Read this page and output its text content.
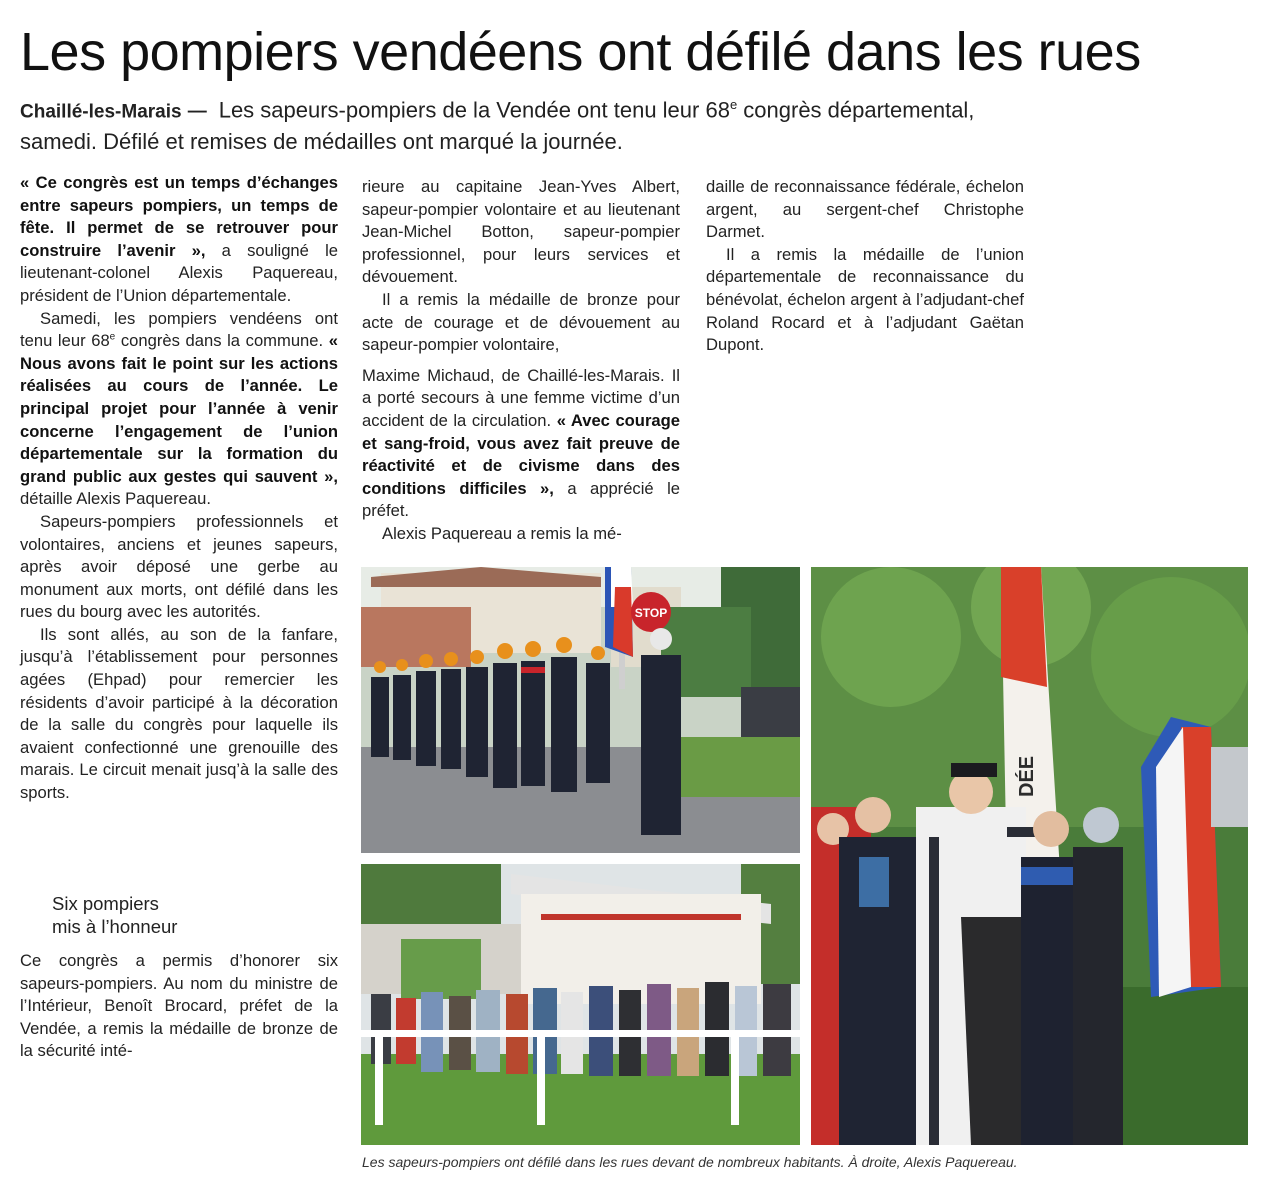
Les pompiers vendéens ont défilé dans les rues
Chaillé-les-Marais — Les sapeurs-pompiers de la Vendée ont tenu leur 68e congrès départemental, samedi. Défilé et remises de médailles ont marqué la journée.

« Ce congrès est un temps d’échanges entre sapeurs pompiers, un temps de fête. Il permet de se retrouver pour construire l’avenir », a souligné le lieutenant-colonel Alexis Paquereau, président de l’Union départementale.

Samedi, les pompiers vendéens ont tenu leur 68e congrès dans la commune. « Nous avons fait le point sur les actions réalisées au cours de l’année. Le principal projet pour l’année à venir concerne l’engagement de l’union départementale sur la formation du grand public aux gestes qui sauvent », détaille Alexis Paquereau.

Sapeurs-pompiers professionnels et volontaires, anciens et jeunes sapeurs, après avoir déposé une gerbe au monument aux morts, ont défilé dans les rues du bourg avec les autorités.

Ils sont allés, au son de la fanfare, jusqu’à l’établissement pour personnes agées (Ehpad) pour remercier les résidents d’avoir participé à la décoration de la salle du congrès pour laquelle ils avaient confectionné une grenouille des marais. Le circuit menait jusq’à la salle des sports.

Six pompiers
mis à l’honneur

Ce congrès a permis d’honorer six sapeurs-pompiers. Au nom du ministre de l’Intérieur, Benoît Brocard, préfet de la Vendée, a remis la médaille de bronze de la sécurité inté-

rieure au capitaine Jean-Yves Albert, sapeur-pompier volontaire et au lieutenant Jean-Michel Botton, sapeur-pompier professionnel, pour leurs services et dévouement.

Il a remis la médaille de bronze pour acte de courage et de dévouement au sapeur-pompier volontaire,

Maxime Michaud, de Chaillé-les-Marais. Il a porté secours à une femme victime d’un accident de la circulation. « Avec courage et sang-froid, vous avez fait preuve de réactivité et de civisme dans des conditions difficiles », a apprécié le préfet.

Alexis Paquereau a remis la mé-

daille de reconnaissance fédérale, échelon argent, au sergent-chef Christophe Darmet.

Il a remis la médaille de l’union départementale de reconnaissance du bénévolat, échelon argent à l’adjudant-chef Roland Rocard et à l’adjudant Gaëtan Dupont.

STOP
DÉE
Les sapeurs-pompiers ont défilé dans les rues devant de nombreux habitants. À droite, Alexis Paquereau.
